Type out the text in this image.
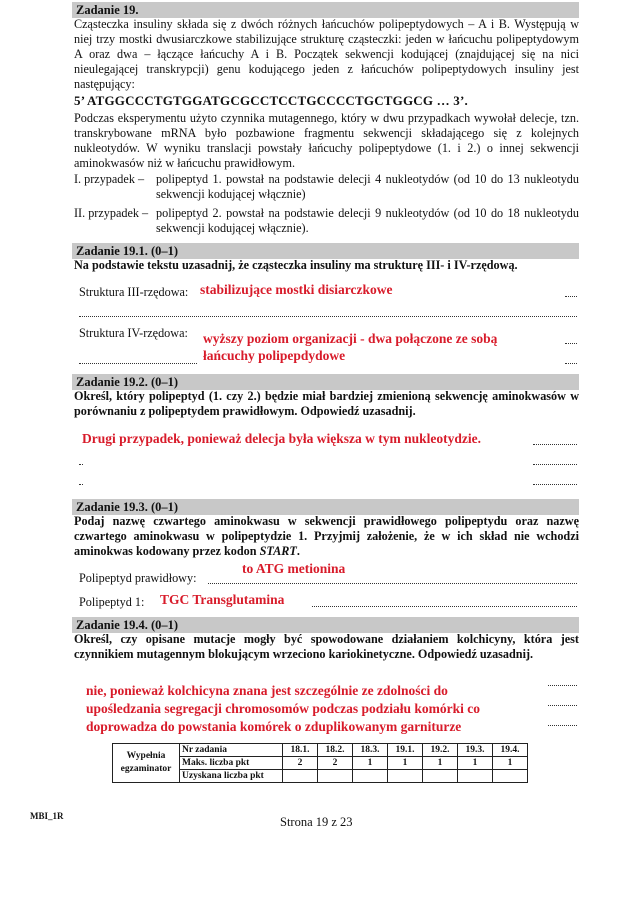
Zadanie 19.
Cząsteczka insuliny składa się z dwóch różnych łańcuchów polipeptydowych – A i B. Występują w niej trzy mostki dwusiarczkowe stabilizujące strukturę cząsteczki: jeden w łańcuchu polipeptydowym A oraz dwa – łączące łańcuchy A i B. Początek sekwencji kodującej (znajdującej się na nici nieulegającej transkrypcji) genu kodującego jeden z łańcuchów polipeptydowych insuliny jest następujący:
5’ ATGGCCCTGTGGATGCGCCTCCTGCCCCTGCTGGCG … 3’.
Podczas eksperymentu użyto czynnika mutagennego, który w dwu przypadkach wywołał delecje, tzn. transkrybowane mRNA było pozbawione fragmentu sekwencji składającego się z kolejnych nukleotydów. W wyniku translacji powstały łańcuchy polipeptydowe (1. i 2.) o innej sekwencji aminokwasów niż w łańcuchu prawidłowym.
I. przypadek – polipeptyd 1. powstał na podstawie delecji 4 nukleotydów (od 10 do 13 nukleotydu sekwencji kodującej włącznie)
II. przypadek – polipeptyd 2. powstał na podstawie delecji 9 nukleotydów (od 10 do 18 nukleotydu sekwencji kodującej włącznie).
Zadanie 19.1. (0–1)
Na podstawie tekstu uzasadnij, że cząsteczka insuliny ma strukturę III- i IV-rzędową.
Struktura III-rzędowa: stabilizujące mostki disiarczkowe
Struktura IV-rzędowa: wyższy poziom organizacji - dwa połączone ze sobą
łańcuchy polipepdydowe
Zadanie 19.2. (0–1)
Określ, który polipeptyd (1. czy 2.) będzie miał bardziej zmienioną sekwencję aminokwasów w porównaniu z polipeptydem prawidłowym. Odpowiedź uzasadnij.
Drugi przypadek, ponieważ delecja była większa w tym nukleotydzie.
Zadanie 19.3. (0–1)
Podaj nazwę czwartego aminokwasu w sekwencji prawidłowego polipeptydu oraz nazwę czwartego aminokwasu w polipeptydzie 1. Przyjmij założenie, że w ich skład nie wchodzi aminokwas kodowany przez kodon START.
Polipeptyd prawidłowy:
to ATG metionina
Polipeptyd 1: TGC Transglutamina
Zadanie 19.4. (0–1)
Określ, czy opisane mutacje mogły być spowodowane działaniem kolchicyny, która jest czynnikiem mutagennym blokującym wrzeciono kariokinetyczne. Odpowiedź uzasadnij.
nie, ponieważ kolchicyna znana jest szczególnie ze zdolności do
upośledzania segregacji chromosomów podczas podziału komórki co
doprowadza do powstania komórek o zduplikowanym garniturze
Wypełnia egzaminator	Nr zadania	18.1.	18.2.	18.3.	19.1.	19.2.	19.3.	19.4.
	Maks. liczba pkt	2	2	1	1	1	1	1
	Uzyskana liczba pkt							
MBI_1R	Strona 19 z 23
